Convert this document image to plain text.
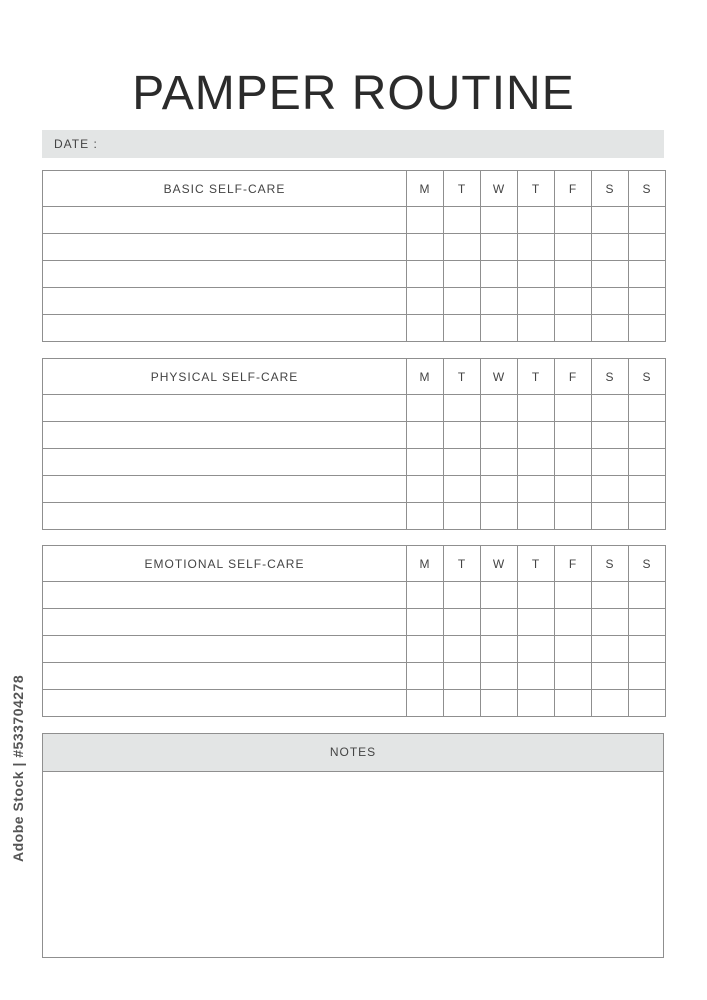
PAMPER ROUTINE
DATE :
BASIC SELF-CARE	M	T	W	T	F	S	S

PHYSICAL SELF-CARE	M	T	W	T	F	S	S

EMOTIONAL SELF-CARE	M	T	W	T	F	S	S

NOTES
Adobe Stock | #533704278
